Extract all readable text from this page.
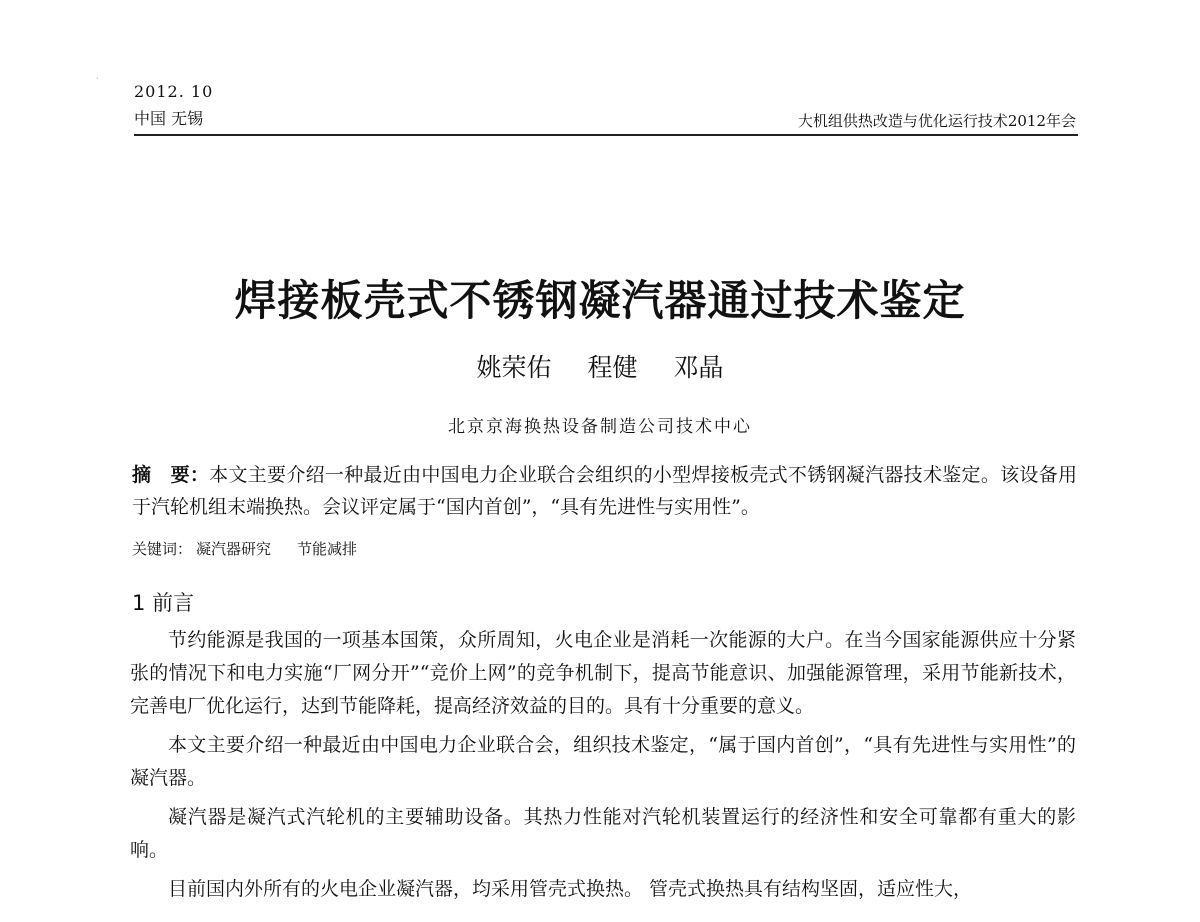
·
2012. 10
中国 无锡	大机组供热改造与优化运行技术2012年会
焊接板壳式不锈钢凝汽器通过技术鉴定
姚荣佑 程健 邓晶
北京京海换热设备制造公司技术中心
摘　要：本文主要介绍一种最近由中国电力企业联合会组织的小型焊接板壳式不锈钢凝汽器技术鉴定。该设备用于汽轮机组末端换热。会议评定属于“国内首创”，“具有先进性与实用性”。
关键词： 凝汽器研究 节能减排
1 前言

节约能源是我国的一项基本国策，众所周知，火电企业是消耗一次能源的大户。在当今国家能源供应十分紧张的情况下和电力实施“厂网分开”“竞价上网”的竞争机制下，提高节能意识、加强能源管理，采用节能新技术，完善电厂优化运行，达到节能降耗，提高经济效益的目的。具有十分重要的意义。

本文主要介绍一种最近由中国电力企业联合会，组织技术鉴定，“属于国内首创”，“具有先进性与实用性”的凝汽器。

凝汽器是凝汽式汽轮机的主要辅助设备。其热力性能对汽轮机装置运行的经济性和安全可靠都有重大的影响。

目前国内外所有的火电企业凝汽器，均采用管壳式换热。 管壳式换热具有结构坚固，适应性大，
